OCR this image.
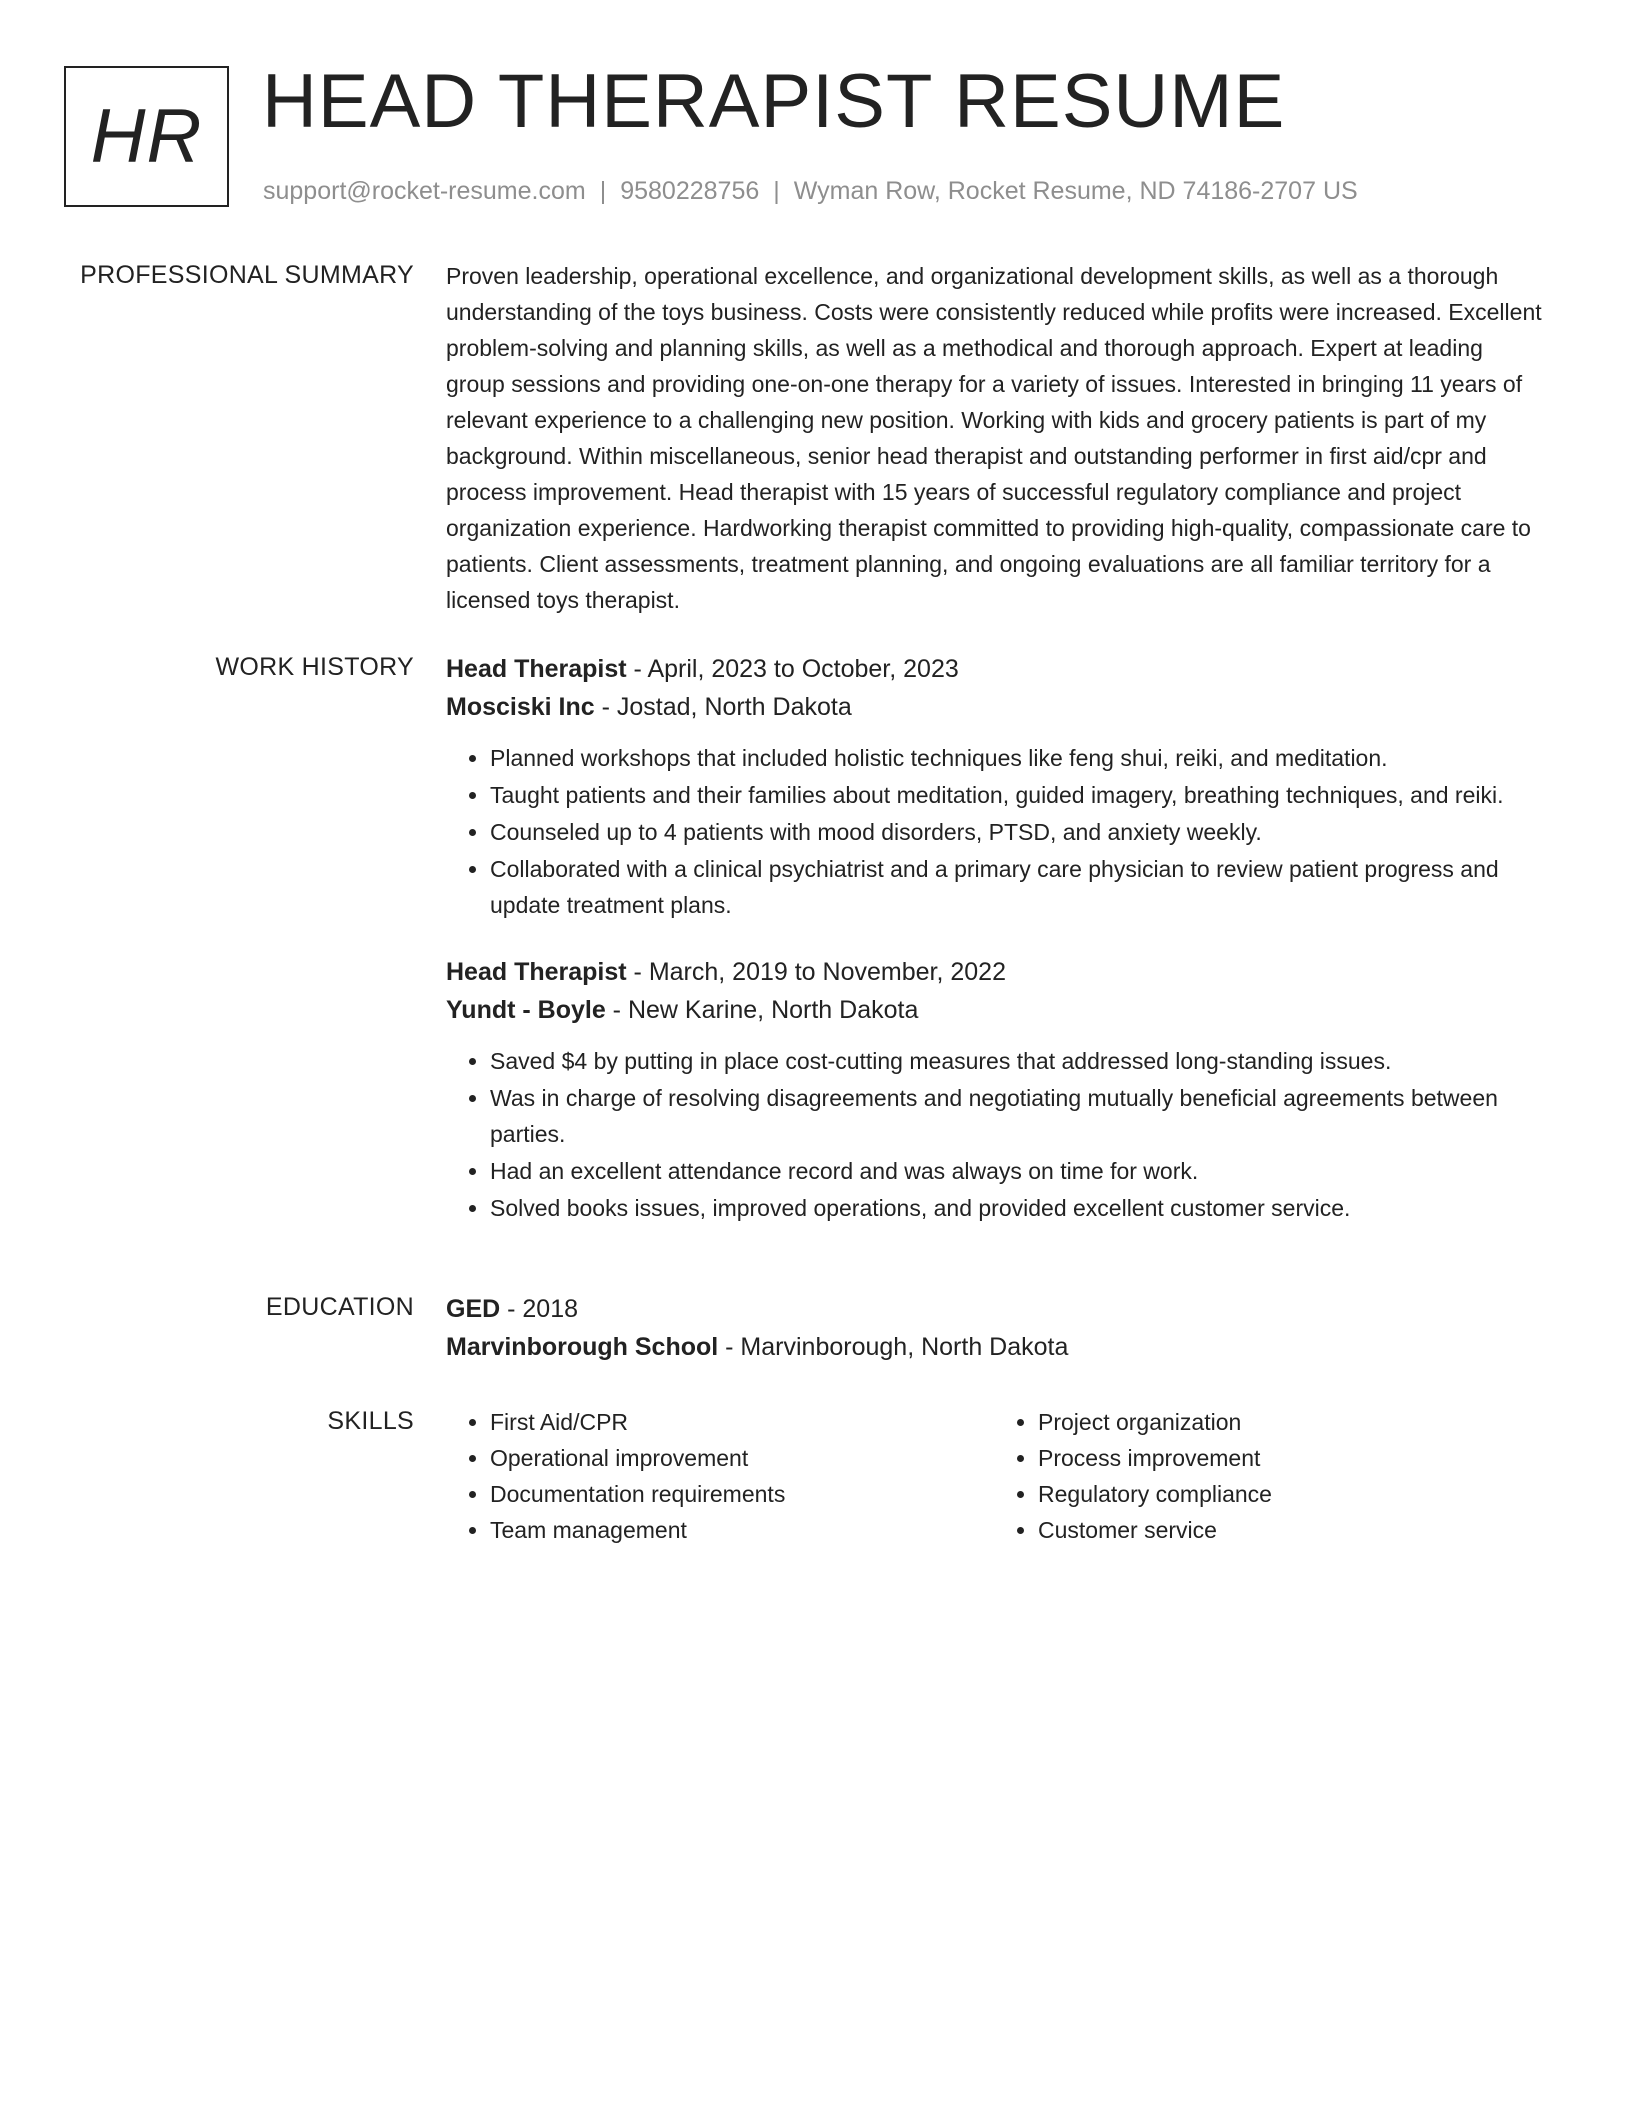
HR HEAD THERAPIST RESUME
support@rocket-resume.com | 9580228756 | Wyman Row, Rocket Resume, ND 74186-2707 US
PROFESSIONAL SUMMARY Proven leadership, operational excellence, and organizational development skills, as well as a thorough understanding of the toys business. Costs were consistently reduced while profits were increased. Excellent problem-solving and planning skills, as well as a methodical and thorough approach. Expert at leading group sessions and providing one-on-one therapy for a variety of issues. Interested in bringing 11 years of relevant experience to a challenging new position. Working with kids and grocery patients is part of my background. Within miscellaneous, senior head therapist and outstanding performer in first aid/cpr and process improvement. Head therapist with 15 years of successful regulatory compliance and project organization experience. Hardworking therapist committed to providing high-quality, compassionate care to patients. Client assessments, treatment planning, and ongoing evaluations are all familiar territory for a licensed toys therapist.

WORK HISTORY Head Therapist - April, 2023 to October, 2023
Mosciski Inc - Jostad, North Dakota
• Planned workshops that included holistic techniques like feng shui, reiki, and meditation.
• Taught patients and their families about meditation, guided imagery, breathing techniques, and reiki.
• Counseled up to 4 patients with mood disorders, PTSD, and anxiety weekly.
• Collaborated with a clinical psychiatrist and a primary care physician to review patient progress and update treatment plans.
Head Therapist - March, 2019 to November, 2022
Yundt - Boyle - New Karine, North Dakota
• Saved $4 by putting in place cost-cutting measures that addressed long-standing issues.
• Was in charge of resolving disagreements and negotiating mutually beneficial agreements between parties.
• Had an excellent attendance record and was always on time for work.
• Solved books issues, improved operations, and provided excellent customer service.
EDUCATION GED - 2018
Marvinborough School - Marvinborough, North Dakota
SKILLS
•	First Aid/CPR
• Operational improvement
• Documentation requirements
• Team management
• Project organization
• Process improvement
• Regulatory compliance
• Customer service
